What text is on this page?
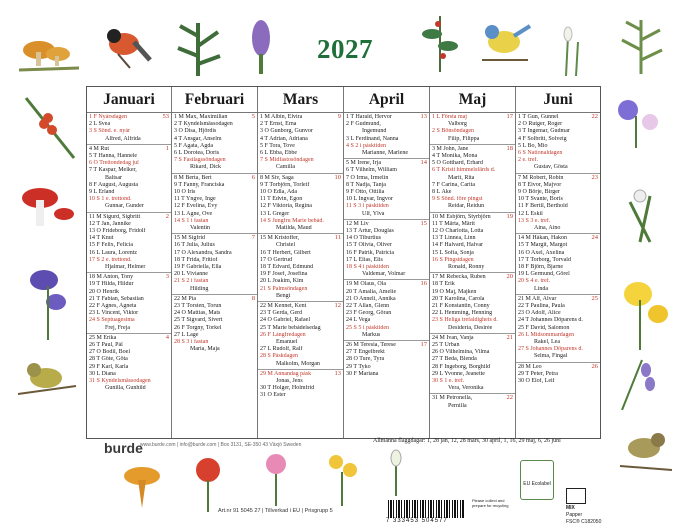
2027
Januari
53
1 F Nyårsdagen
2 L Svea
3 S Sönd. e. nyår
Alfred, Alfrida
1
4 M Rut
5 T Hanna, Hannele
6 O Trettondedag jul
7 T Kaspar, Melker,
Baltsar
8 F August, Augusta
9 L Erland
10 S 1 e. trettond.
Gunnar, Gunder
2
11 M Sigurd, Sigbritt
12 T Jan, Jannike
13 O Frideborg, Fridolf
14 T Knut
15 F Felix, Felicia
16 L Laura, Lorentz
17 S 2 e. trettond.
Hjalmar, Helmer
3
18 M Anton, Tony
19 T Hilda, Hildur
20 O Henrik
21 T Fabian, Sebastian
22 F Agnes, Agneta
23 L Vincent, Viktor
24 S Septuagesima
Frej, Freja
4
25 M Erika
26 T Paul, Pål
27 O Bodil, Boel
28 T Göte, Göta
29 F Karl, Karla
30 L Diana
31 S Kyndelsmässodagen
Gunilla, Gunhild
Februari
5
1 M Max, Maximilian
2 T Kyndelsmässodagen
3 O Disa, Hjördis
4 T Ansgar, Anselm
5 F Agata, Agda
6 L Dorotea, Doris
7 S Fastlagssöndagen
Rikard, Dick
6
8 M Berta, Bert
9 T Fanny, Franciska
10 O Iris
11 T Yngve, Inge
12 F Evelina, Evy
13 L Agne, Ove
14 S 1 i fastan
Valentin
7
15 M Sigfrid
16 T Julia, Julius
17 O Alexandra, Sandra
18 T Frida, Fritiof
19 F Gabriella, Ella
20 L Vivianne
21 S 2 i fastan
Hilding
8
22 M Pia
23 T Torsten, Torun
24 O Mattias, Mats
25 T Sigvard, Sivert
26 F Torgny, Torkel
27 L Lage
28 S 3 i fastan
Maria, Maja
Mars
9
1 M Albin, Elvira
2 T Ernst, Erna
3 O Gunborg, Gunvor
4 T Adrian, Adriana
5 F Tora, Tove
6 L Ebba, Ebbe
7 S Midfastosöndagen
Camilla
10
8 M Siv, Saga
9 T Torbjörn, Torleif
10 O Edla, Ada
11 T Edvin, Egon
12 F Viktoria, Regina
13 L Greger
14 S Jungfru Marie bebåd.
Matilda, Maud
11
15 M Kristoffer,
Christel
16 T Herbert, Gilbert
17 O Gertrud
18 T Edvard, Edmund
19 F Josef, Josefina
20 L Joakim, Kim
21 S Palmsöndagen
Bengt
12
22 M Kennet, Kent
23 T Gerda, Gerd
24 O Gabriel, Rafael
25 T Marie bebådelsedag
26 F Långfredagen
Emanuel
27 L Rudolf, Ralf
28 S Påskdagen
Malkolm, Morgan
13
29 M Annandag påsk
Jonas, Jens
30 T Holger, Holmfrid
31 O Ester
April
13
1 T Harald, Hervor
2 F Gudmund,
Ingemund
3 L Ferdinand, Nanna
4 S 2 i påsktiden
Marianne, Marlene
14
5 M Irene, Irja
6 T Vilhelm, William
7 O Irma, Irmelin
8 T Nadja, Tanja
9 F Otto, Ottilia
10 L Ingvar, Ingvor
11 S 3 i påsktiden
Ulf, Ylva
15
12 M Liv
13 T Artur, Douglas
14 O Tiburtius
15 T Olivia, Oliver
16 F Patrik, Patricia
17 L Elias, Elis
18 S 4 i påsktiden
Valdemar, Volmar
16
19 M Olaus, Ola
20 T Amalia, Amelie
21 O Anneli, Annika
22 T Allan, Glenn
23 F Georg, Göran
24 L Vega
25 S 5 i påsktiden
Markus
17
26 M Teresia, Terese
27 T Engelbrekt
28 O Ture, Tyra
29 T Tyko
30 F Mariana
Maj
17
1 L Första maj
Valborg
2 S Bönsöndagen
Filip, Filippa
18
3 M John, Jane
4 T Monika, Mona
5 O Gotthard, Erhard
6 T Kristi himmelsfärds d.
Marit, Rita
7 F Carina, Carita
8 L Åke
9 S Sönd. före pingst
Reidar, Reidun
19
10 M Esbjörn, Styrbjörn
11 T Märta, Märit
12 O Charlotta, Lotta
13 T Linnea, Linn
14 F Halvard, Halvar
15 L Sofia, Sonja
16 S Pingstdagen
Ronald, Ronny
20
17 M Rebecka, Ruben
18 T Erik
19 O Maj, Majken
20 T Karolina, Carola
21 F Konstantin, Conny
22 L Hemming, Henning
23 S Heliga trefaldighets d.
Desideria, Desirée
21
24 M Ivan, Vanja
25 T Urban
26 O Vilhelmina, Vilma
27 T Beda, Blenda
28 F Ingeborg, Borghild
29 L Yvonne, Jeanette
30 S 1 e. tref.
Vera, Veronika
22
31 M Petronella,
Pernilla
Juni
22
1 T Gun, Gunnel
2 O Rutger, Roger
3 T Ingemar, Gudmar
4 F Solbritt, Solveig
5 L Bo, Mio
6 S Nationaldagen
2 e. tref.
Gustav, Gösta
23
7 M Robert, Robin
8 T Eivor, Majvor
9 O Börje, Birger
10 T Svante, Boris
11 F Bertil, Berthold
12 L Eskil
13 S 3 e. tref.
Aina, Aino
24
14 M Håkan, Hakon
15 T Margit, Margot
16 O Axel, Axelina
17 T Torborg, Torvald
18 F Björn, Bjarne
19 L Germund, Görel
20 S 4 e. tref.
Linda
25
21 M Alf, Alvar
22 T Paulina, Paula
23 O Adolf, Alice
24 T Johannes Döparens d.
25 F David, Salomon
26 L Midsommardagen
Rakel, Lea
27 S Johannes Döparens d.
Selma, Fingal
26
28 M Leo
29 T Peter, Petra
30 O Elof, Leif
Allmänna flaggdagar: 1, 28 jan, 12, 28 mars, 30 april, 1, 16, 29 maj, 6, 26 juni
burde
www.burde.com | info@burde.com | Box 3131, SE-350 43 Växjö Sweden
Art.nr 91 5045 27 | Tillverkad i EU | Prisgrupp 5
7 333453 504577
EU Ecolabel
Please collect and prepare for recycling	MIX
Papper
FSC® C182050
